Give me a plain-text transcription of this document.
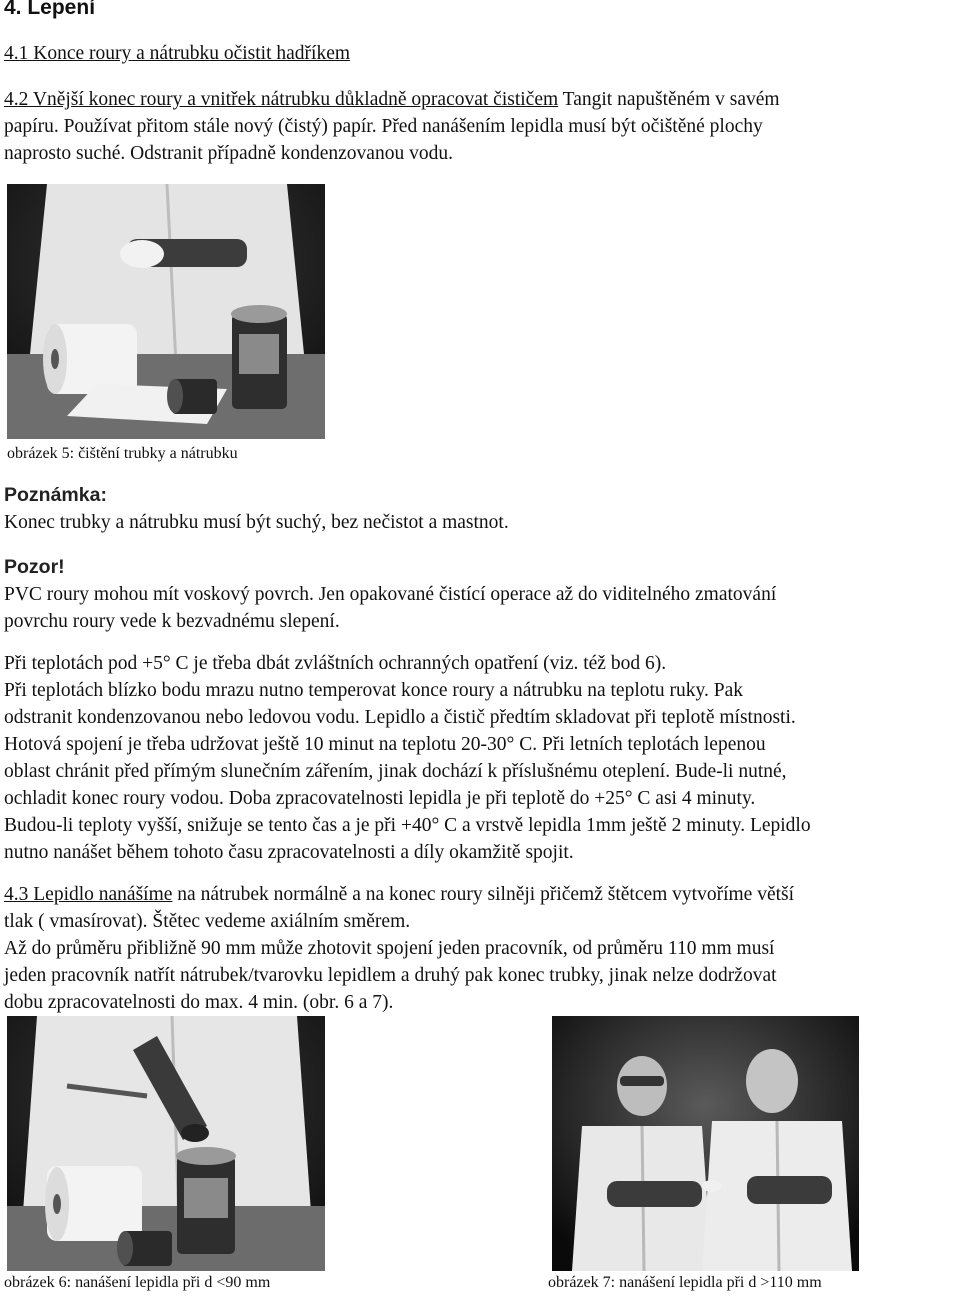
4. Lepení
4.1 Konce roury a nátrubku očistit hadříkem
4.2 Vnější konec roury a vnitřek nátrubku důkladně opracovat čističem Tangit napuštěném v savém
papíru. Používat přitom stále nový (čistý) papír. Před nanášením lepidla musí být očištěné plochy
naprosto suché. Odstranit případně kondenzovanou vodu.
obrázek 5: čištění trubky a nátrubku
Poznámka:
Konec trubky a nátrubku musí být suchý, bez nečistot a mastnot.
Pozor!
PVC roury mohou mít voskový povrch. Jen opakované čistící operace až do viditelného zmatování
povrchu roury vede k bezvadnému slepení.
Při teplotách pod +5° C je třeba dbát zvláštních ochranných opatření (viz. též bod 6).
Při teplotách blízko bodu mrazu nutno temperovat konce roury a nátrubku na teplotu ruky. Pak
odstranit kondenzovanou nebo ledovou vodu. Lepidlo a čistič předtím skladovat při teplotě místnosti.
Hotová spojení je třeba udržovat ještě 10 minut na teplotu 20-30° C. Při letních teplotách lepenou
oblast chránit před přímým slunečním zářením, jinak dochází k příslušnému oteplení. Bude-li nutné,
ochladit konec roury vodou. Doba zpracovatelnosti lepidla je při teplotě do +25° C asi 4 minuty.
Budou-li teploty vyšší, snižuje se tento čas a je při +40° C a vrstvě lepidla 1mm ještě 2 minuty. Lepidlo
nutno nanášet během tohoto času zpracovatelnosti a díly okamžitě spojit.
4.3 Lepidlo nanášíme na nátrubek normálně a na konec roury silněji přičemž štětcem vytvoříme větší
tlak ( vmasírovat). Štětec vedeme axiálním směrem.
Až do průměru přibližně 90 mm může zhotovit spojení jeden pracovník, od průměru 110 mm musí
jeden pracovník natřít nátrubek/tvarovku lepidlem a druhý pak konec trubky, jinak nelze dodržovat
dobu zpracovatelnosti do max. 4 min. (obr. 6 a 7).
obrázek 6: nanášení lepidla při d <90 mm	obrázek 7: nanášení lepidla při d >110 mm
